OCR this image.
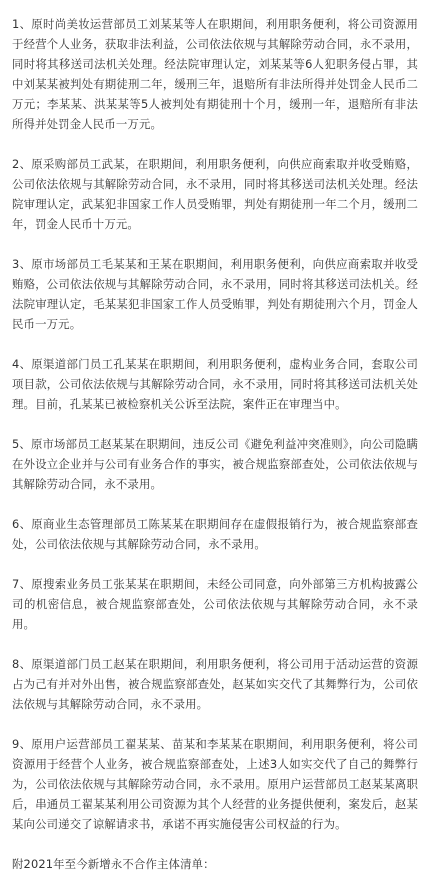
1、原时尚美妆运营部员工刘某某等人在职期间，利用职务便利，将公司资源用于经营个人业务，获取非法利益，公司依法依规与其解除劳动合同，永不录用，同时将其移送司法机关处理。经法院审理认定，刘某某等6人犯职务侵占罪，其中刘某某被判处有期徒刑二年，缓刑三年，退赔所有非法所得并处罚金人民币二万元；李某某、洪某某等5人被判处有期徒刑十个月，缓刑一年，退赔所有非法所得并处罚金人民币一万元。

2、原采购部员工武某，在职期间，利用职务便利，向供应商索取并收受贿赂，公司依法依规与其解除劳动合同，永不录用，同时将其移送司法机关处理。经法院审理认定，武某犯非国家工作人员受贿罪，判处有期徒刑一年二个月，缓刑二年，罚金人民币十万元。

3、原市场部员工毛某某和王某在职期间，利用职务便利，向供应商索取并收受贿赂，公司依法依规与其解除劳动合同，永不录用，同时将其移送司法机关。经法院审理认定，毛某某犯非国家工作人员受贿罪，判处有期徒刑六个月，罚金人民币一万元。

4、原渠道部门员工孔某某在职期间，利用职务便利，虚构业务合同，套取公司项目款，公司依法依规与其解除劳动合同，永不录用，同时将其移送司法机关处理。目前，孔某某已被检察机关公诉至法院，案件正在审理当中。

5、原市场部员工赵某某在职期间，违反公司《避免利益冲突准则》，向公司隐瞒在外设立企业并与公司有业务合作的事实，被合规监察部查处，公司依法依规与其解除劳动合同，永不录用。

6、原商业生态管理部员工陈某某在职期间存在虚假报销行为，被合规监察部查处，公司依法依规与其解除劳动合同，永不录用。

7、原搜索业务员工张某某在职期间，未经公司同意，向外部第三方机构披露公司的机密信息，被合规监察部查处，公司依法依规与其解除劳动合同，永不录用。

8、原渠道部门员工赵某在职期间，利用职务便利，将公司用于活动运营的资源占为己有并对外出售，被合规监察部查处，赵某如实交代了其舞弊行为，公司依法依规与其解除劳动合同，永不录用。

9、原用户运营部员工翟某某、苗某和李某某在职期间，利用职务便利，将公司资源用于经营个人业务，被合规监察部查处，上述3人如实交代了自己的舞弊行为，公司依法依规与其解除劳动合同，永不录用。原用户运营部员工赵某某离职后，串通员工翟某某利用公司资源为其个人经营的业务提供便利，案发后，赵某某向公司递交了谅解请求书，承诺不再实施侵害公司权益的行为。

附2021年至今新增永不合作主体清单：
